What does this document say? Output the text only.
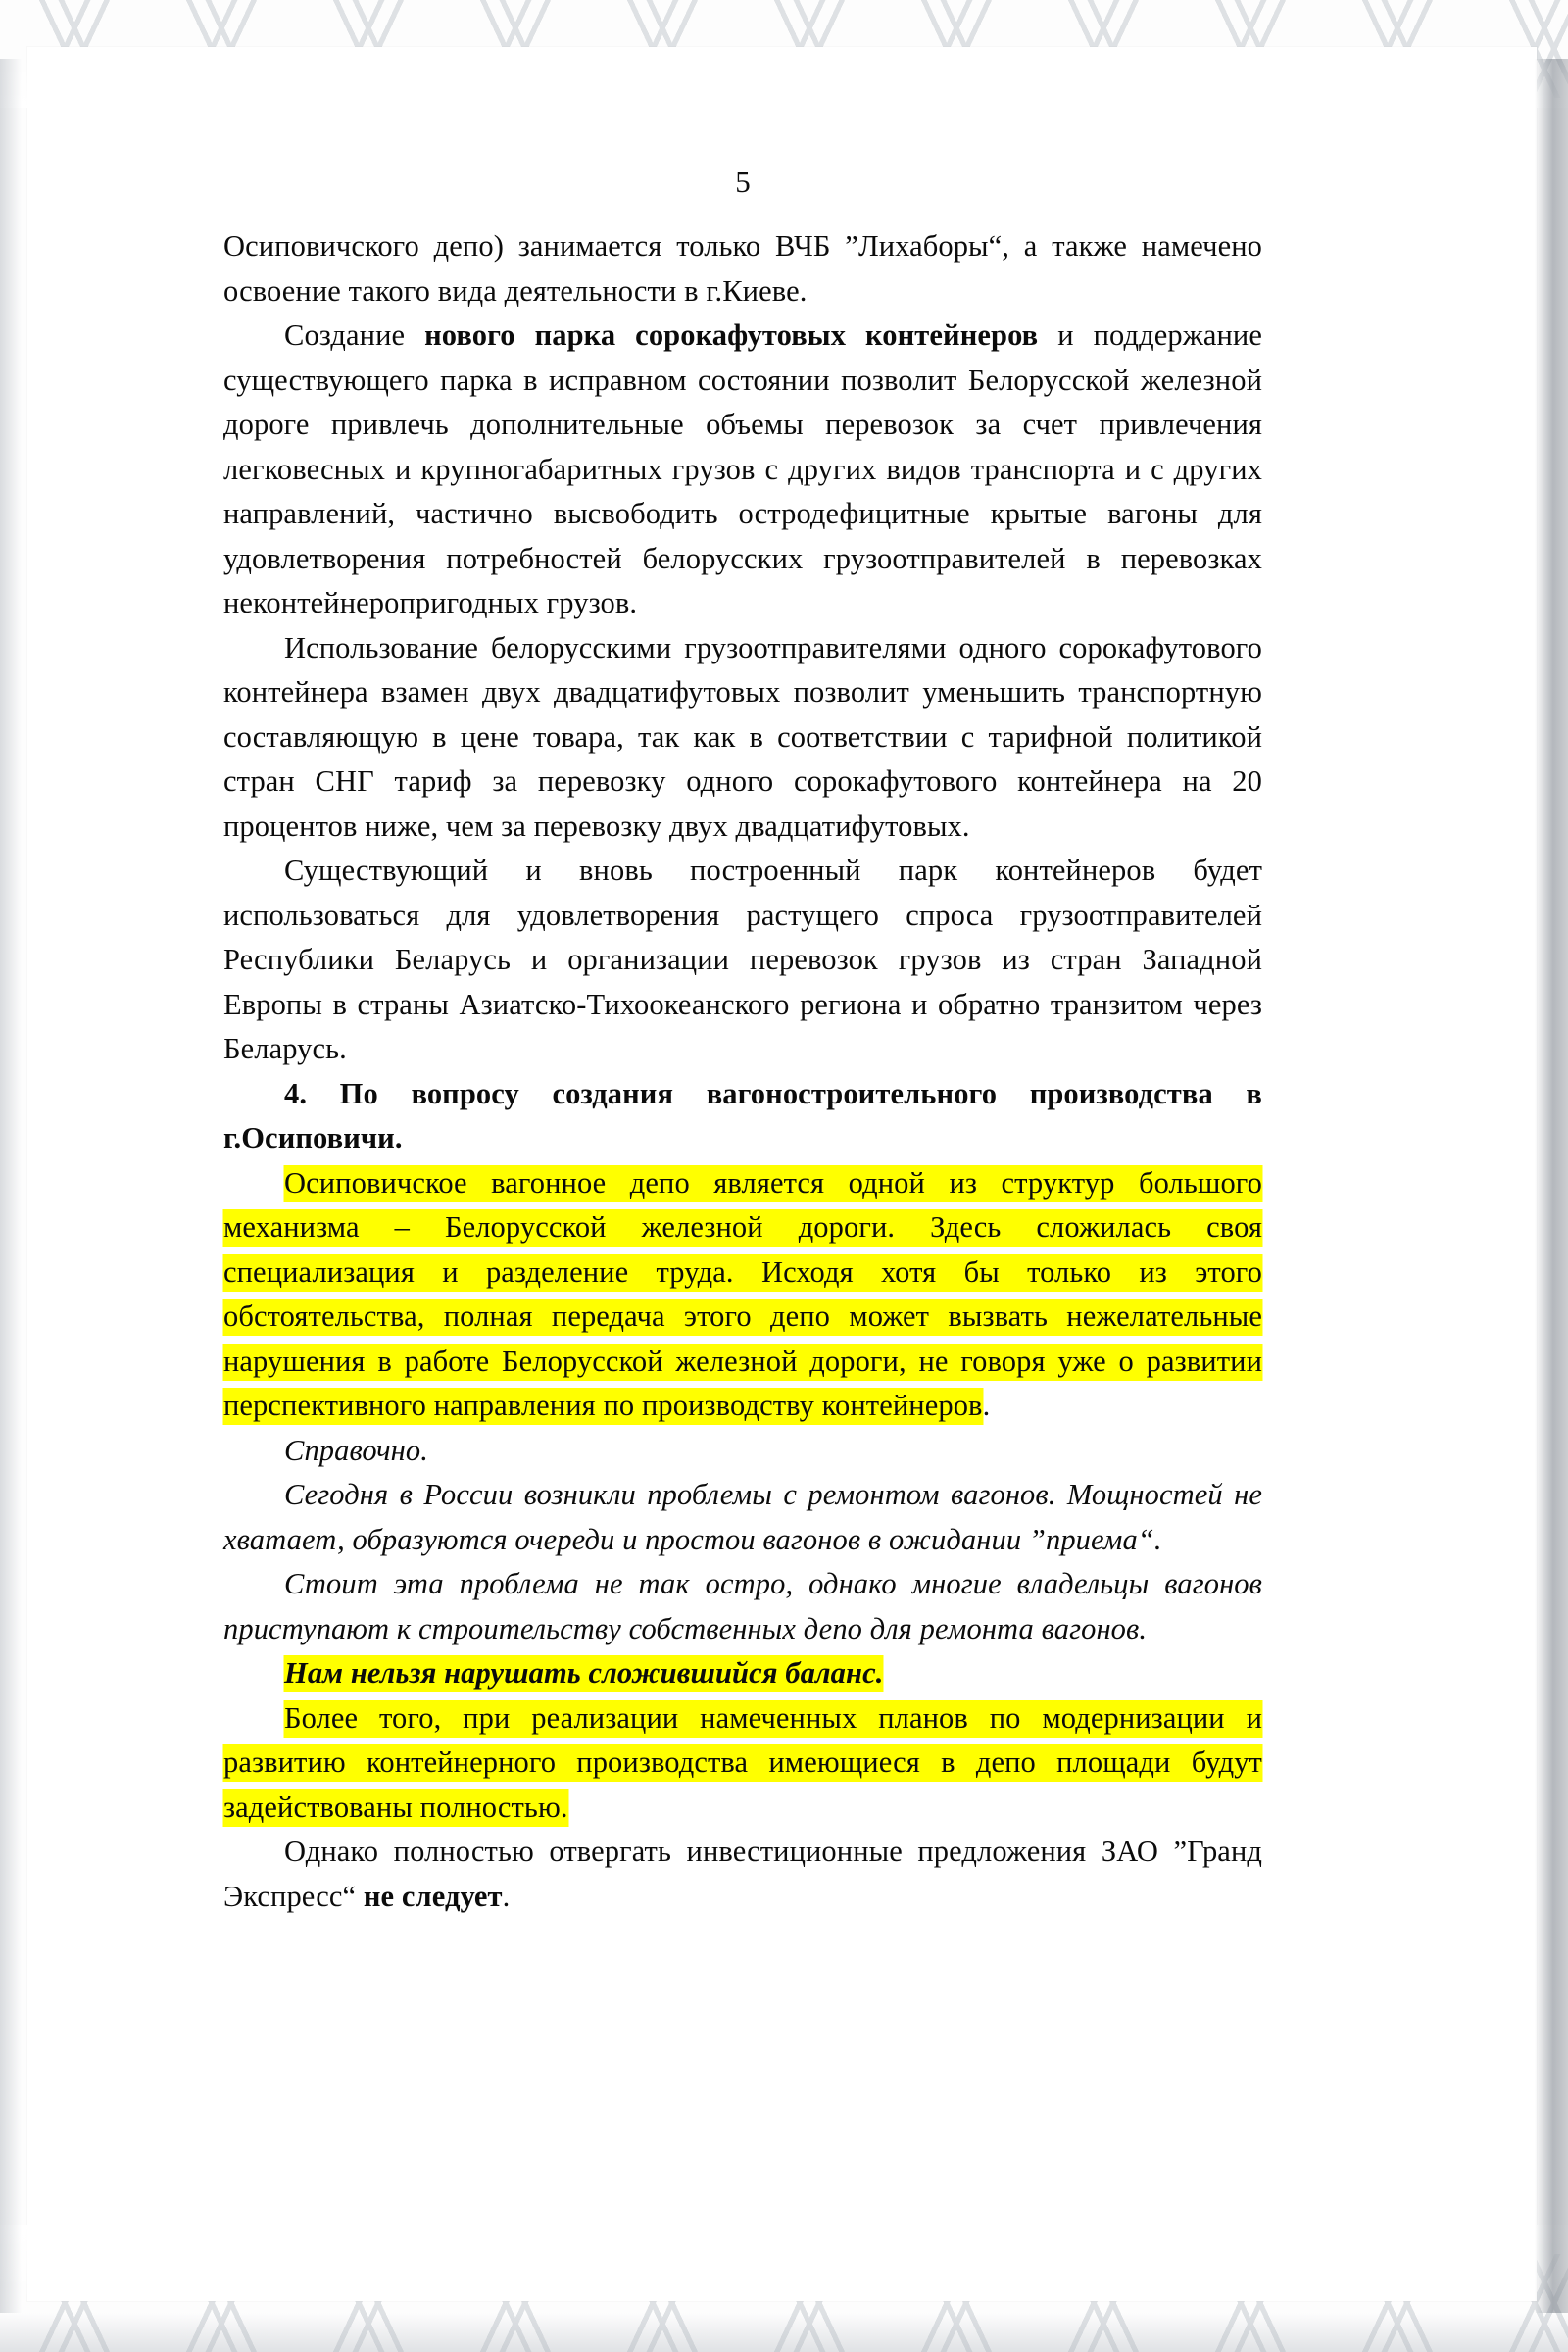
5

Осиповичского депо) занимается только ВЧБ ”Лихаборы“, а также намечено освоение такого вида деятельности в г.Киеве.

Создание нового парка сорокафутовых контейнеров и поддержание существующего парка в исправном состоянии позволит Белорусской железной дороге привлечь дополнительные объемы перевозок за счет привлечения легковесных и крупногабаритных грузов с других видов транспорта и с других направлений, частично высвободить остродефицитные крытые вагоны для удовлетворения потребностей белорусских грузоотправителей в перевозках неконтейнеропригодных грузов.

Использование белорусскими грузоотправителями одного сорокафутового контейнера взамен двух двадцатифутовых позволит уменьшить транспортную составляющую в цене товара, так как в соответствии с тарифной политикой стран СНГ тариф за перевозку одного сорокафутового контейнера на 20 процентов ниже, чем за перевозку двух двадцатифутовых.

Существующий и вновь построенный парк контейнеров будет использоваться для удовлетворения растущего спроса грузоотправителей Республики Беларусь и организации перевозок грузов из стран Западной Европы в страны Азиатско-Тихоокеанского региона и обратно транзитом через Беларусь.

4. По вопросу создания вагоностроительного производства в г.Осиповичи.

Осиповичское вагонное депо является одной из структур большого механизма – Белорусской железной дороги. Здесь сложилась своя специализация и разделение труда. Исходя хотя бы только из этого обстоятельства, полная передача этого депо может вызвать нежелательные нарушения в работе Белорусской железной дороги, не говоря уже о развитии перспективного направления по производству контейнеров.

Справочно.

Сегодня в России возникли проблемы с ремонтом вагонов. Мощностей не хватает, образуются очереди и простои вагонов в ожидании ”приема“.

Стоит эта проблема не так остро, однако многие владельцы вагонов приступают к строительству собственных депо для ремонта вагонов.

Нам нельзя нарушать сложившийся баланс.

Более того, при реализации намеченных планов по модернизации и развитию контейнерного производства имеющиеся в депо площади будут задействованы полностью.

Однако полностью отвергать инвестиционные предложения ЗАО ”Гранд Экспресс“ не следует.
